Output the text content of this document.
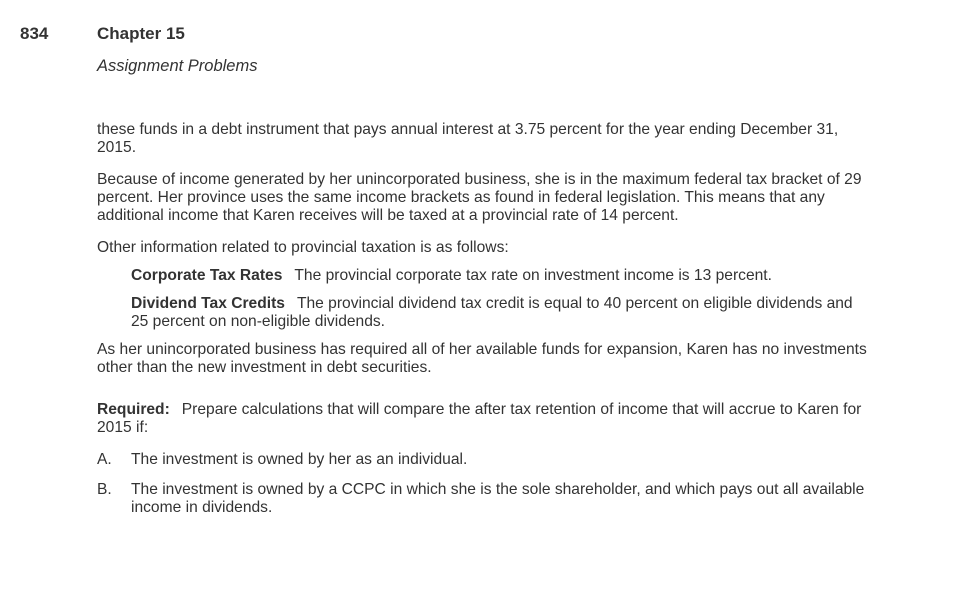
834	Chapter 15
Assignment Problems

these funds in a debt instrument that pays annual interest at 3.75 percent for the year ending December 31, 2015.

Because of income generated by her unincorporated business, she is in the maximum federal tax bracket of 29 percent. Her province uses the same income brackets as found in federal legislation. This means that any additional income that Karen receives will be taxed at a provincial rate of 14 percent.

Other information related to provincial taxation is as follows:

Corporate Tax Rates The provincial corporate tax rate on investment income is 13 percent.

Dividend Tax Credits The provincial dividend tax credit is equal to 40 percent on eligible dividends and 25 percent on non-eligible dividends.

As her unincorporated business has required all of her available funds for expansion, Karen has no investments other than the new investment in debt securities.

Required: Prepare calculations that will compare the after tax retention of income that will accrue to Karen for 2015 if:

A.	The investment is owned by her as an individual.
B.	The investment is owned by a CCPC in which she is the sole shareholder, and which pays out all available income in dividends.
